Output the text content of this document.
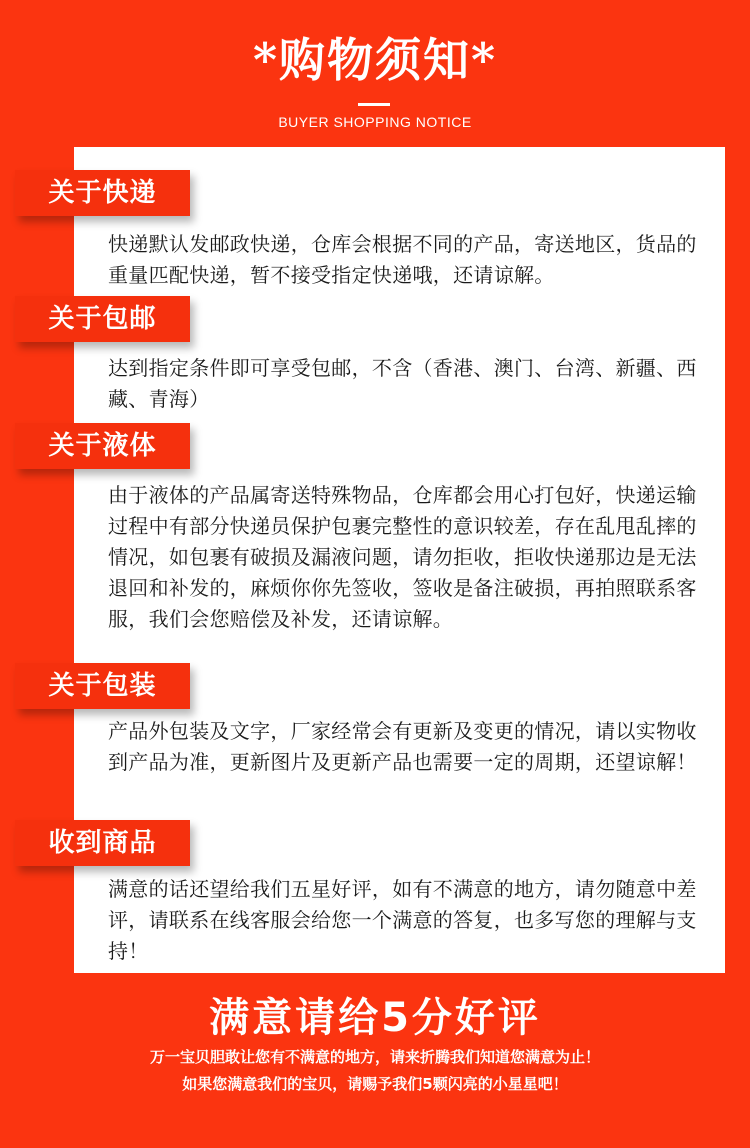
*购物须知*
BUYER SHOPPING NOTICE
关于快递
快递默认发邮政快递，仓库会根据不同的产品，寄送地区，货品的重量匹配快递，暂不接受指定快递哦，还请谅解。
关于包邮
达到指定条件即可享受包邮，不含（香港、澳门、台湾、新疆、西藏、青海）
关于液体
由于液体的产品属寄送特殊物品，仓库都会用心打包好，快递运输过程中有部分快递员保护包裹完整性的意识较差，存在乱甩乱摔的情况，如包裹有破损及漏液问题，请勿拒收，拒收快递那边是无法退回和补发的，麻烦你你先签收，签收是备注破损，再拍照联系客服，我们会您赔偿及补发，还请谅解。
关于包装
产品外包装及文字，厂家经常会有更新及变更的情况，请以实物收到产品为准，更新图片及更新产品也需要一定的周期，还望谅解！
收到商品
满意的话还望给我们五星好评，如有不满意的地方，请勿随意中差评，请联系在线客服会给您一个满意的答复，也多写您的理解与支持！
满意请给5分好评
万一宝贝胆敢让您有不满意的地方，请来折腾我们知道您满意为止！
如果您满意我们的宝贝，请赐予我们5颗闪亮的小星星吧！
